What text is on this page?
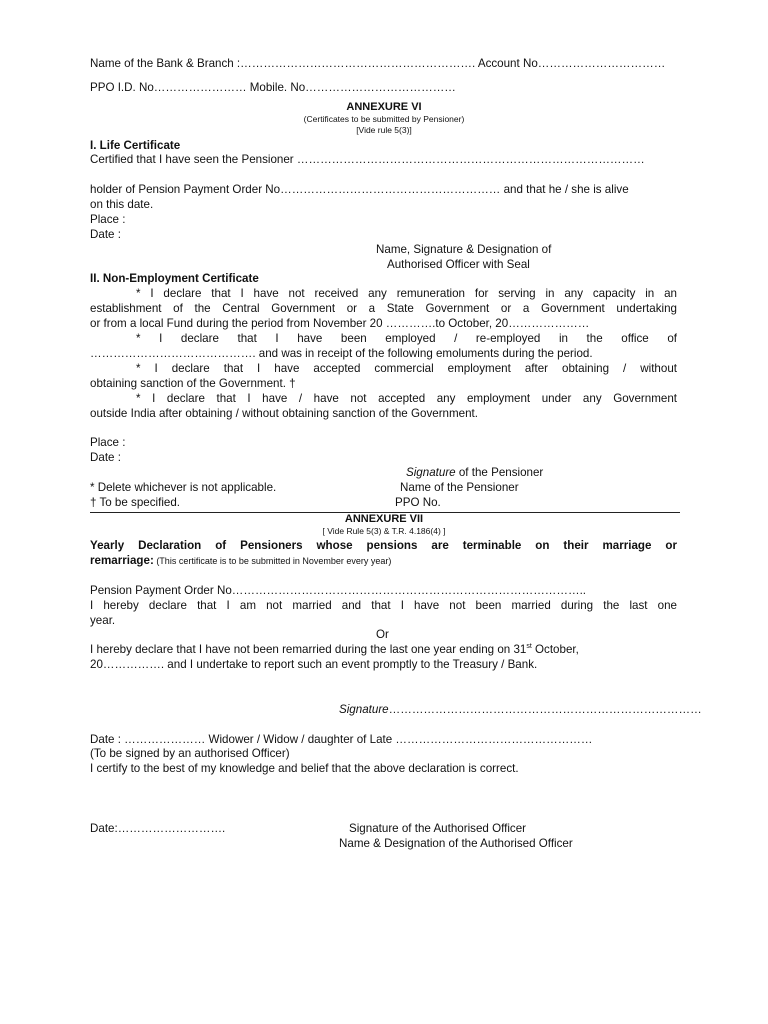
Name of the Bank & Branch :……………………………………………………. Account No……………………………
PPO I.D. No…………………… Mobile. No…………………………………
ANNEXURE VI
(Certificates to be submitted by Pensioner)
[Vide rule 5(3)]
I. Life Certificate
Certified that I have seen the Pensioner ………………………………………………………………………………
holder of Pension Payment Order No………………………………………………… and that he / she is alive
on this date.
Place :
Date :
Name, Signature & Designation of
Authorised Officer with Seal
II. Non-Employment Certificate
* I declare that I have not received any remuneration for serving in any capacity in an
establishment of the Central Government or a State Government or a Government undertaking
or from a local Fund during the period from November 20 ………….to October, 20…………………
* I declare that I have been employed / re-employed in the office of
……………………………………. and was in receipt of the following emoluments during the period.
* I declare that I have accepted commercial employment after obtaining / without
obtaining sanction of the Government. †
* I declare that I have / have not accepted any employment under any Government
outside India after obtaining / without obtaining sanction of the Government.
Place :
Date :
Signature of the Pensioner
* Delete whichever is not applicable.	Name of the Pensioner
† To be specified.	PPO No.
ANNEXURE VII
[ Vide Rule 5(3) & T.R. 4.186(4) ]
Yearly Declaration of Pensioners whose pensions are terminable on their marriage or
remarriage: (This certificate is to be submitted in November every year)
Pension Payment Order No………………………………………………………………………………..
I hereby declare that I am not married and that I have not been married during the last one
year.
Or
I hereby declare that I have not been remarried during the last one year ending on 31st October,
20……………. and I undertake to report such an event promptly to the Treasury / Bank.
Signature………………………………………………………………………
Date : ………………… Widower / Widow / daughter of Late ……………………………………………
(To be signed by an authorised Officer)
I certify to the best of my knowledge and belief that the above declaration is correct.
Date:……………………….	Signature of the Authorised Officer
Name & Designation of the Authorised Officer
